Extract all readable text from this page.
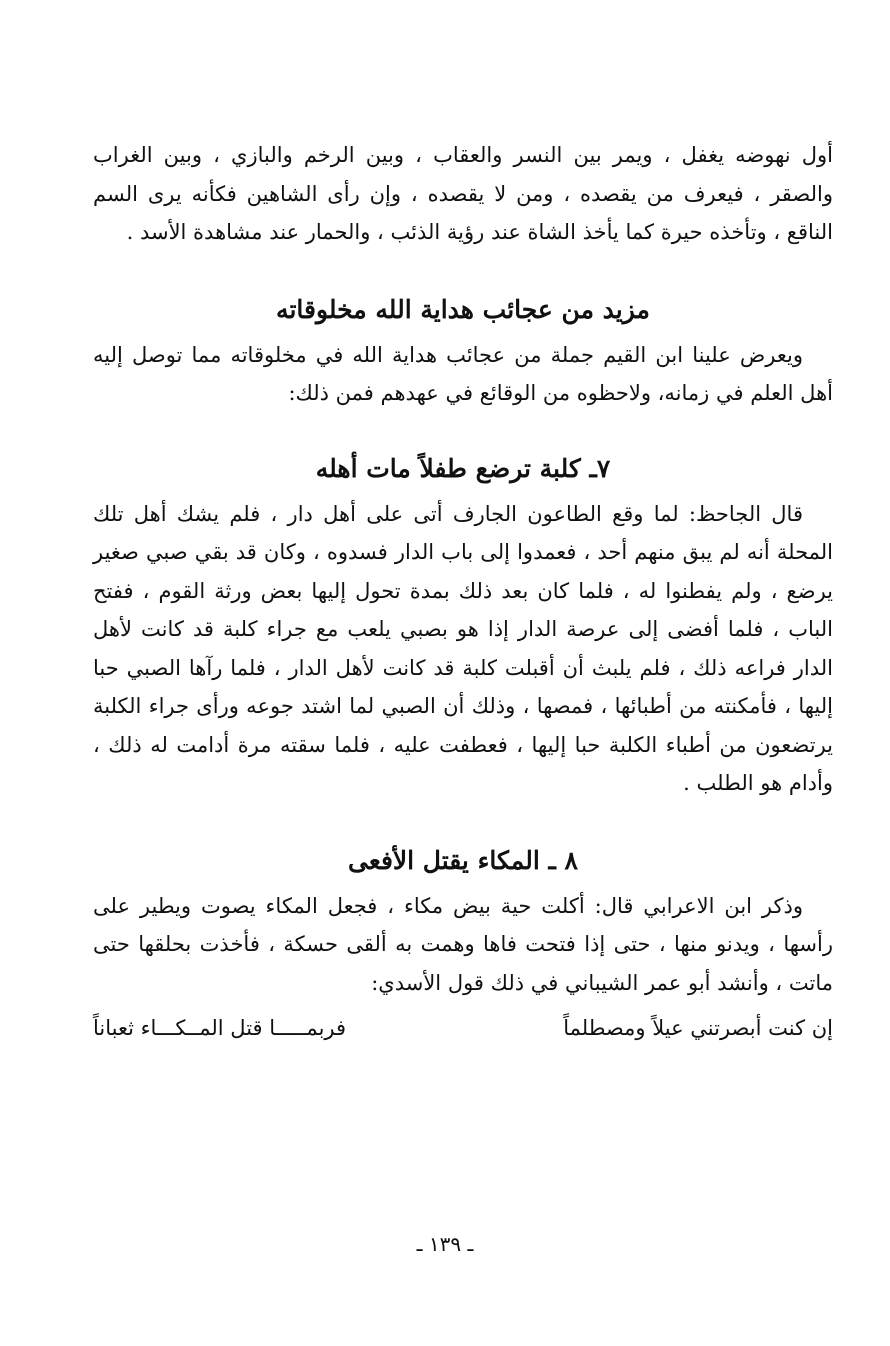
أول نهوضه يغفل ، ويمر بين النسر والعقاب ، وبين الرخم والبازي ، وبين الغراب والصقر ، فيعرف من يقصده ، ومن لا يقصده ، وإن رأى الشاهين فكأنه يرى السم الناقع ، وتأخذه حيرة كما يأخذ الشاة عند رؤية الذئب ، والحمار عند مشاهدة الأسد .

مزيد من عجائب هداية الله مخلوقاته

ويعرض علينا ابن القيم جملة من عجائب هداية الله في مخلوقاته مما توصل إليه أهل العلم في زمانه، ولاحظوه من الوقائع في عهدهم فمن ذلك:

٧ـ كلبة ترضع طفلاً مات أهله

قال الجاحظ: لما وقع الطاعون الجارف أتى على أهل دار ، فلم يشك أهل تلك المحلة أنه لم يبق منهم أحد ، فعمدوا إلى باب الدار فسدوه ، وكان قد بقي صبي صغير يرضع ، ولم يفطنوا له ، فلما كان بعد ذلك بمدة تحول إليها بعض ورثة القوم ، ففتح الباب ، فلما أفضى إلى عرصة الدار إذا هو بصبي يلعب مع جراء كلبة قد كانت لأهل الدار فراعه ذلك ، فلم يلبث أن أقبلت كلبة قد كانت لأهل الدار ، فلما رآها الصبي حبا إليها ، فأمكنته من أطبائها ، فمصها ، وذلك أن الصبي لما اشتد جوعه ورأى جراء الكلبة يرتضعون من أطباء الكلبة حبا إليها ، فعطفت عليه ، فلما سقته مرة أدامت له ذلك ، وأدام هو الطلب .

٨ ـ المكاء يقتل الأفعى

وذكر ابن الاعرابي قال: أكلت حية بيض مكاء ، فجعل المكاء يصوت ويطير على رأسها ، ويدنو منها ، حتى إذا فتحت فاها وهمت به ألقى حسكة ، فأخذت بحلقها حتى ماتت ، وأنشد أبو عمر الشيباني في ذلك قول الأسدي:

إن كنت أبصرتني عيلاً ومصطلماً
فربمـــــا قتل المــكـــاء ثعباناً
ـ ١٣٩ ـ
